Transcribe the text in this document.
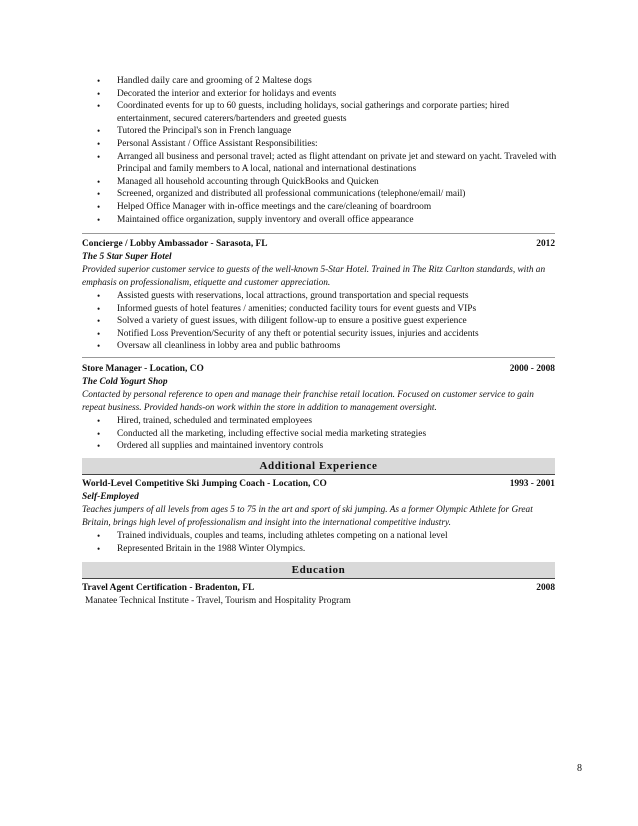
• Handled daily care and grooming of 2 Maltese dogs
• Decorated the interior and exterior for holidays and events
• Coordinated events for up to 60 guests, including holidays, social gatherings and corporate parties; hired entertainment, secured caterers/bartenders and greeted guests
• Tutored the Principal's son in French language
• Personal Assistant / Office Assistant Responsibilities:
• Arranged all business and personal travel; acted as flight attendant on private jet and steward on yacht. Traveled with Principal and family members to A local, national and international destinations
• Managed all household accounting through QuickBooks and Quicken
• Screened, organized and distributed all professional communications (telephone/email/ mail)
• Helped Office Manager with in-office meetings and the care/cleaning of boardroom
• Maintained office organization, supply inventory and overall office appearance
Concierge / Lobby Ambassador - Sarasota, FL	2012
The 5 Star Super Hotel
Provided superior customer service to guests of the well-known 5-Star Hotel. Trained in The Ritz Carlton standards, with an emphasis on professionalism, etiquette and customer appreciation.
• Assisted guests with reservations, local attractions, ground transportation and special requests
• Informed guests of hotel features / amenities; conducted facility tours for event guests and VIPs
• Solved a variety of guest issues, with diligent follow-up to ensure a positive guest experience
• Notified Loss Prevention/Security of any theft or potential security issues, injuries and accidents
• Oversaw all cleanliness in lobby area and public bathrooms
Store Manager - Location, CO	2000 - 2008
The Cold Yogurt Shop
Contacted by personal reference to open and manage their franchise retail location. Focused on customer service to gain repeat business. Provided hands-on work within the store in addition to management oversight.
• Hired, trained, scheduled and terminated employees
• Conducted all the marketing, including effective social media marketing strategies
• Ordered all supplies and maintained inventory controls
Additional Experience
World-Level Competitive Ski Jumping Coach - Location, CO	1993 - 2001
Self-Employed
Teaches jumpers of all levels from ages 5 to 75 in the art and sport of ski jumping. As a former Olympic Athlete for Great Britain, brings high level of professionalism and insight into the international competitive industry.
• Trained individuals, couples and teams, including athletes competing on a national level
• Represented Britain in the 1988 Winter Olympics.
Education
Travel Agent Certification - Bradenton, FL	2008
Manatee Technical Institute - Travel, Tourism and Hospitality Program
8
